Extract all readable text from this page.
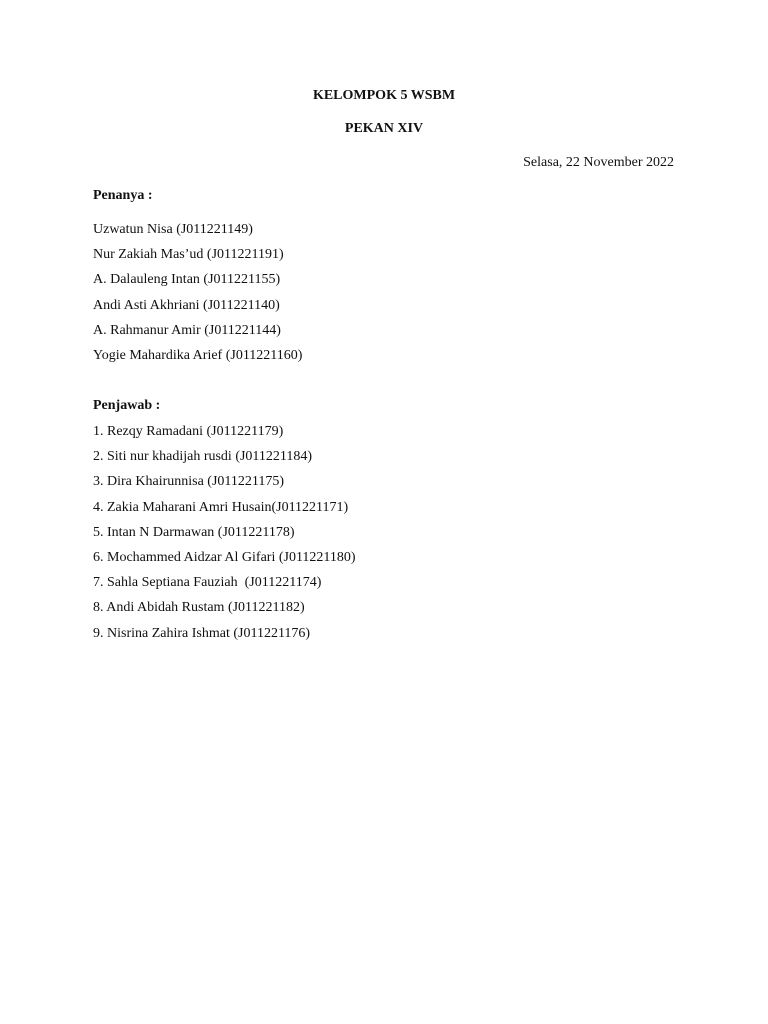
KELOMPOK 5 WSBM
PEKAN XIV
Selasa, 22 November 2022
Penanya :
Uzwatun Nisa (J011221149)
Nur Zakiah Mas’ud (J011221191)
A. Dalauleng Intan (J011221155)
Andi Asti Akhriani (J011221140)
A. Rahmanur Amir (J011221144)
Yogie Mahardika Arief (J011221160)
Penjawab :
1. Rezqy Ramadani (J011221179)
2. Siti nur khadijah rusdi (J011221184)
3. Dira Khairunnisa (J011221175)
4. Zakia Maharani Amri Husain(J011221171)
5. Intan N Darmawan (J011221178)
6. Mochammed Aidzar Al Gifari (J011221180)
7. Sahla Septiana Fauziah  (J011221174)
8. Andi Abidah Rustam (J011221182)
9. Nisrina Zahira Ishmat (J011221176)
